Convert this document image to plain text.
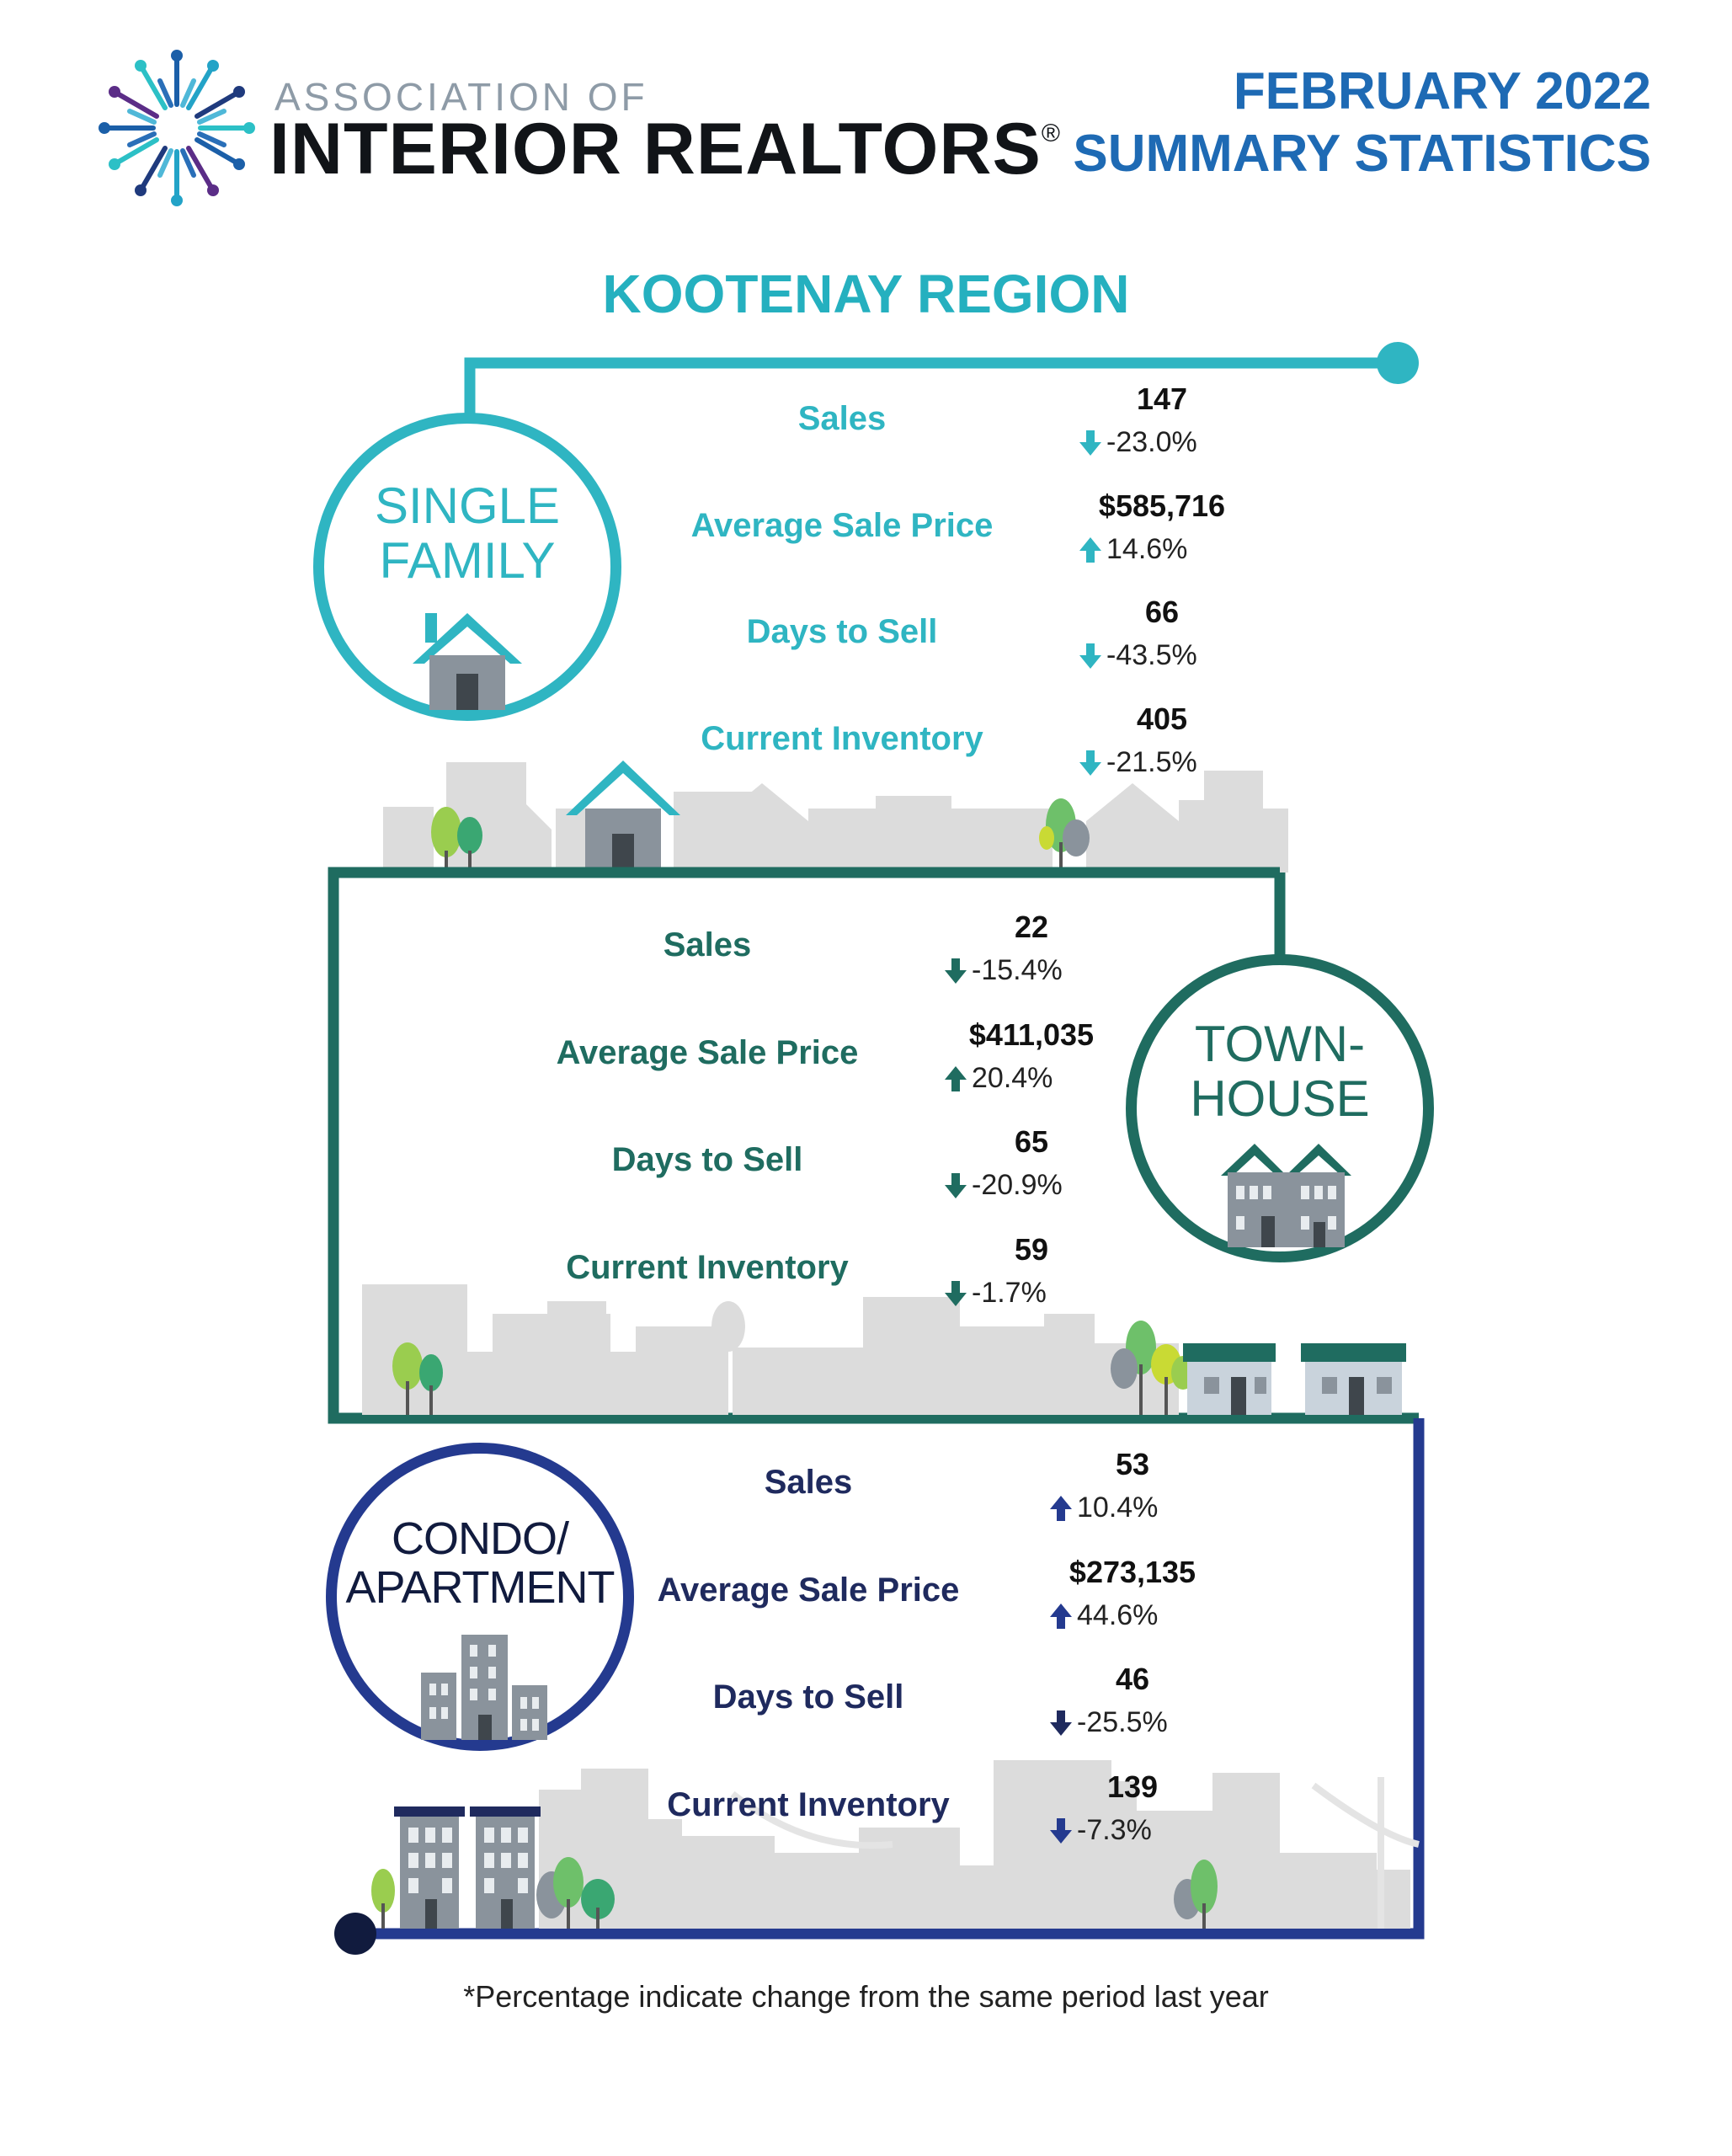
ASSOCIATION OF
INTERIOR REALTORS®
FEBRUARY 2022
SUMMARY STATISTICS
KOOTENAY REGION
SINGLE
FAMILY
Sales
Average Sale Price
Days to Sell
Current Inventory
147
-23.0%
$585,716
14.6%
66
-43.5%
405
-21.5%
TOWN-
HOUSE
Sales
Average Sale Price
Days to Sell
Current Inventory
22
-15.4%
$411,035
20.4%
65
-20.9%
59
-1.7%
CONDO/
APARTMENT
Sales
Average Sale Price
Days to Sell
Current Inventory
53
10.4%
$273,135
44.6%
46
-25.5%
139
-7.3%
*Percentage indicate change from the same period last year
